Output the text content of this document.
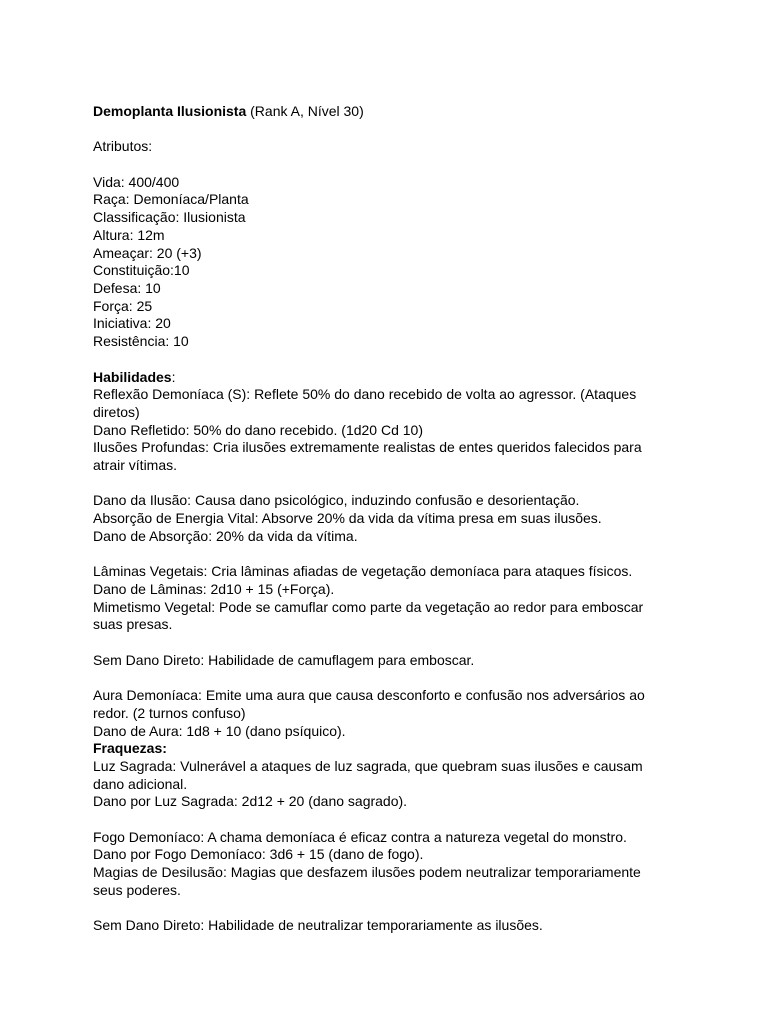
Demoplanta Ilusionista (Rank A, Nível 30)
Atributos:
Vida: 400/400
Raça: Demoníaca/Planta
Classificação: Ilusionista
Altura: 12m
Ameaçar: 20 (+3)
Constituição:10
Defesa: 10
Força: 25
Iniciativa: 20
Resistência: 10
Habilidades:
Reflexão Demoníaca (S): Reflete 50% do dano recebido de volta ao agressor. (Ataques diretos)
Dano Refletido: 50% do dano recebido. (1d20 Cd 10)
Ilusões Profundas: Cria ilusões extremamente realistas de entes queridos falecidos para atrair vítimas.
Dano da Ilusão: Causa dano psicológico, induzindo confusão e desorientação.
Absorção de Energia Vital: Absorve 20% da vida da vítima presa em suas ilusões.
Dano de Absorção: 20% da vida da vítima.
Lâminas Vegetais: Cria lâminas afiadas de vegetação demoníaca para ataques físicos.
Dano de Lâminas: 2d10 + 15 (+Força).
Mimetismo Vegetal: Pode se camuflar como parte da vegetação ao redor para emboscar suas presas.
Sem Dano Direto: Habilidade de camuflagem para emboscar.
Aura Demoníaca: Emite uma aura que causa desconforto e confusão nos adversários ao redor. (2 turnos confuso)
Dano de Aura: 1d8 + 10 (dano psíquico).
Fraquezas:
Luz Sagrada: Vulnerável a ataques de luz sagrada, que quebram suas ilusões e causam dano adicional.
Dano por Luz Sagrada: 2d12 + 20 (dano sagrado).
Fogo Demoníaco: A chama demoníaca é eficaz contra a natureza vegetal do monstro.
Dano por Fogo Demoníaco: 3d6 + 15 (dano de fogo).
Magias de Desilusão: Magias que desfazem ilusões podem neutralizar temporariamente seus poderes.
Sem Dano Direto: Habilidade de neutralizar temporariamente as ilusões.
